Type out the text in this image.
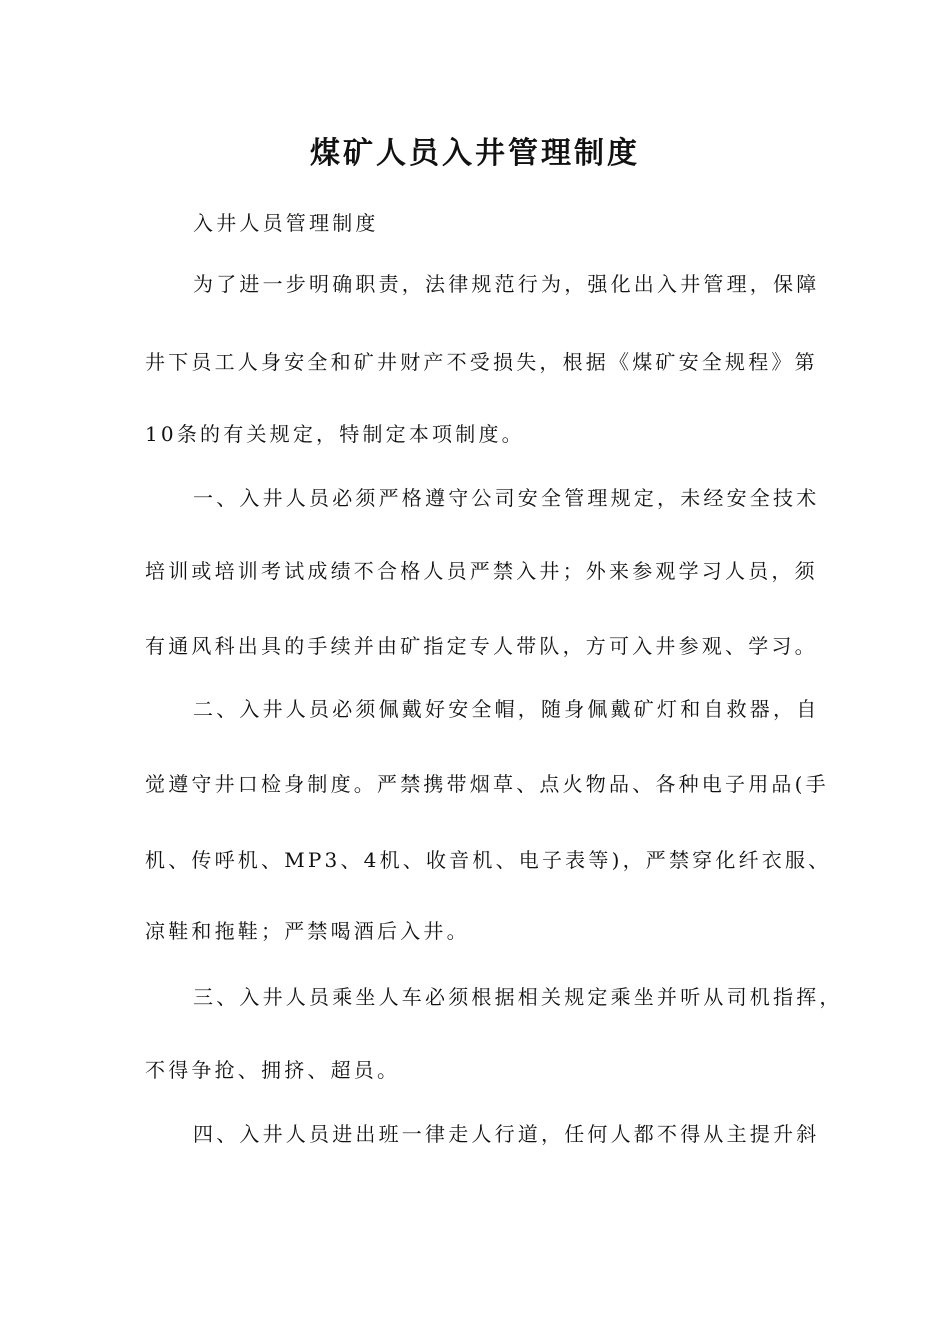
煤矿人员入井管理制度
入井人员管理制度
为了进一步明确职责，法律规范行为，强化出入井管理，保障
井下员工人身安全和矿井财产不受损失，根据《煤矿安全规程》第
10条的有关规定，特制定本项制度。
一、入井人员必须严格遵守公司安全管理规定，未经安全技术
培训或培训考试成绩不合格人员严禁入井；外来参观学习人员，须
有通风科出具的手续并由矿指定专人带队，方可入井参观、学习。
二、入井人员必须佩戴好安全帽，随身佩戴矿灯和自救器，自
觉遵守井口检身制度。严禁携带烟草、点火物品、各种电子用品(手
机、传呼机、MP3、4机、收音机、电子表等)，严禁穿化纤衣服、
凉鞋和拖鞋；严禁喝酒后入井。
三、入井人员乘坐人车必须根据相关规定乘坐并听从司机指挥，
不得争抢、拥挤、超员。
四、入井人员进出班一律走人行道，任何人都不得从主提升斜
